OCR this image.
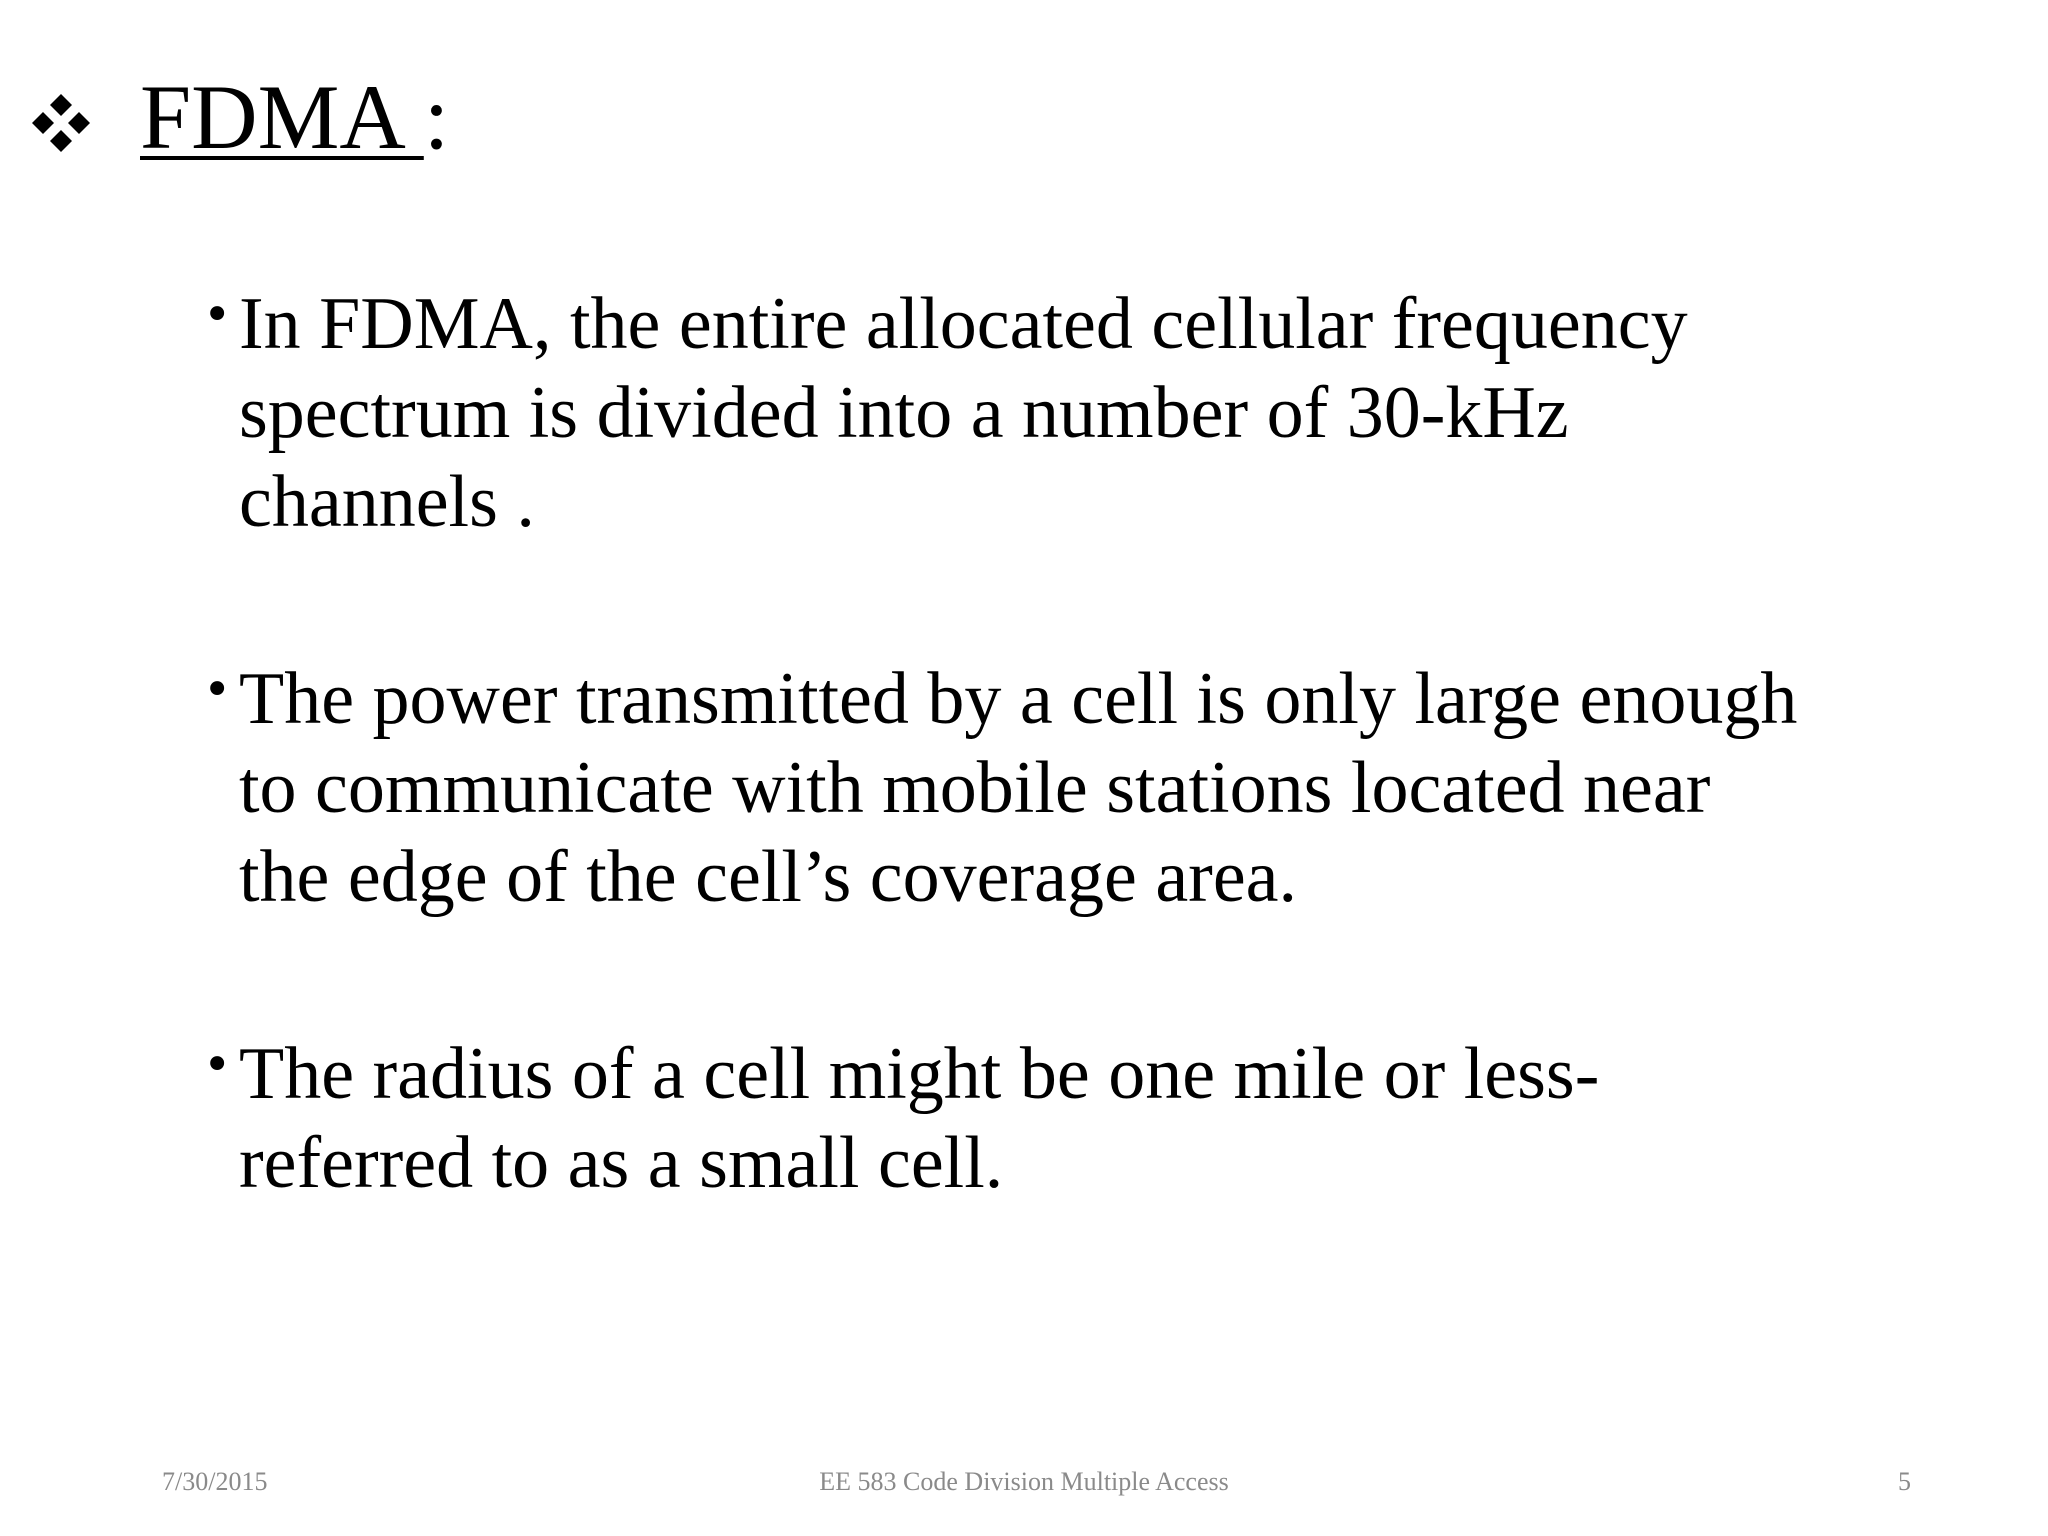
FDMA :
• In FDMA, the entire allocated cellular frequency spectrum is divided into a number of 30-kHz channels .
• The power transmitted by a cell is only large enough to communicate with mobile stations located near the edge of the cell’s coverage area.
• The radius of a cell might be one mile or less- referred to as a small cell.
7/30/2015	EE 583 Code Division Multiple Access	5
